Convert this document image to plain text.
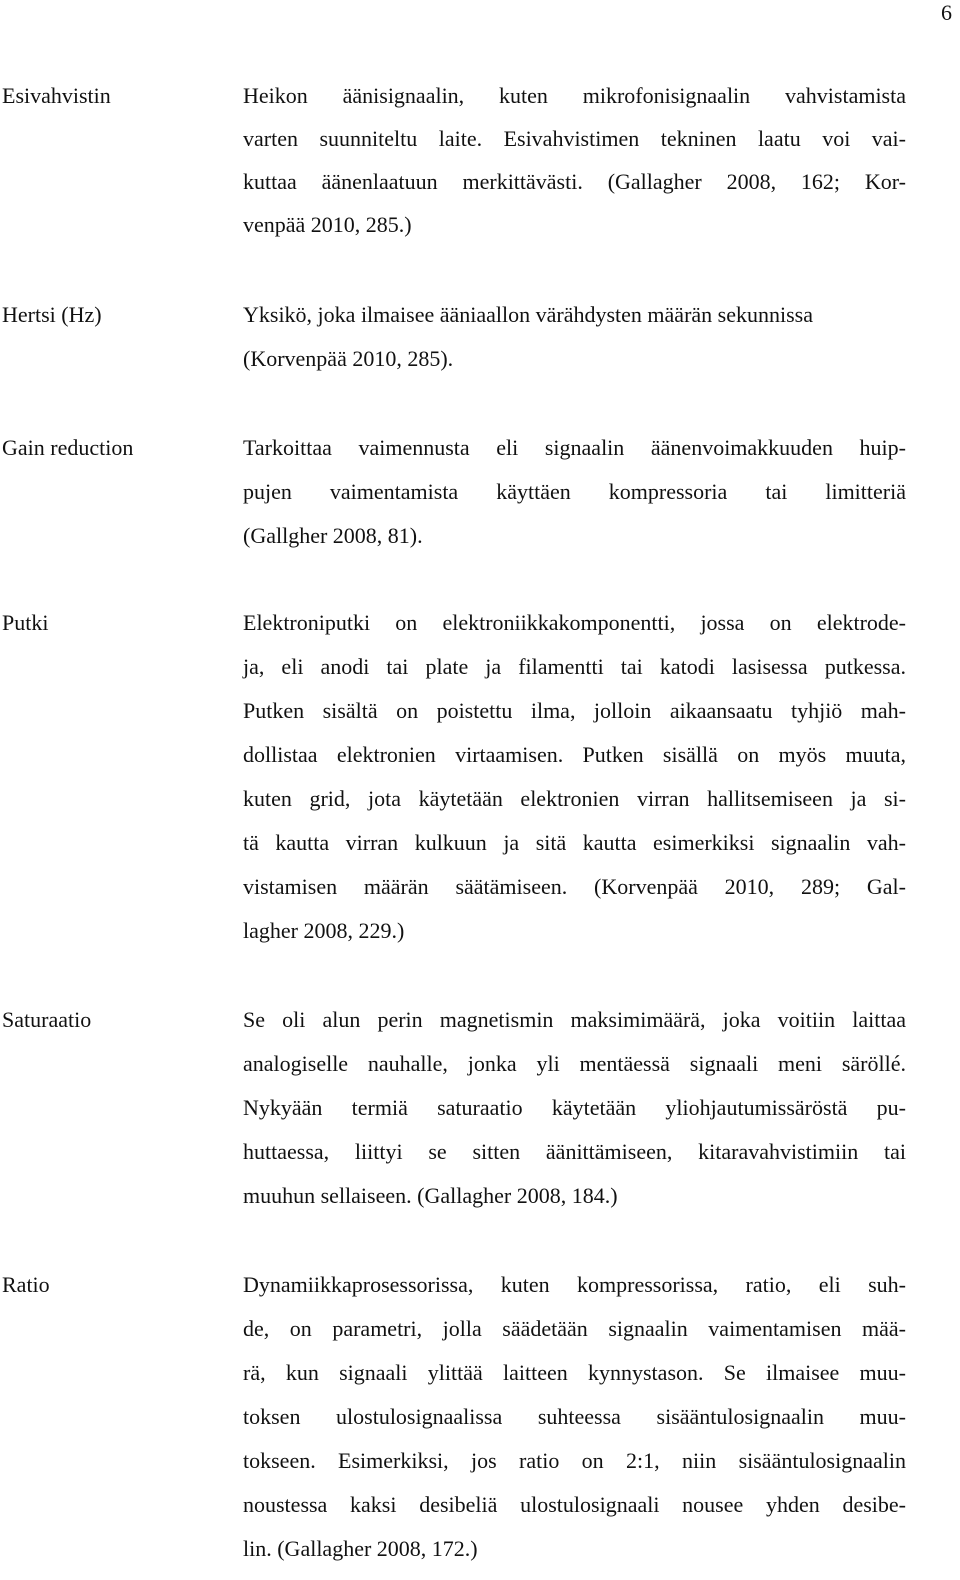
6
Esivahvistin	Heikon äänisignaalin, kuten mikrofonisignaalin vahvistamista
varten suunniteltu laite. Esivahvistimen tekninen laatu voi vai-
kuttaa äänenlaatuun merkittävästi. (Gallagher 2008, 162; Kor-
venpää 2010, 285.)
Hertsi (Hz)	Yksikö, joka ilmaisee ääniaallon värähdysten määrän sekunnissa
(Korvenpää 2010, 285).
Gain reduction	Tarkoittaa vaimennusta eli signaalin äänenvoimakkuuden huip-
pujen vaimentamista käyttäen kompressoria tai limitteriä
(Gallgher 2008, 81).
Putki	Elektroniputki on elektroniikkakomponentti, jossa on elektrode-
ja, eli anodi tai plate ja filamentti tai katodi lasisessa putkessa.
Putken sisältä on poistettu ilma, jolloin aikaansaatu tyhjiö mah-
dollistaa elektronien virtaamisen. Putken sisällä on myös muuta,
kuten grid, jota käytetään elektronien virran hallitsemiseen ja si-
tä kautta virran kulkuun ja sitä kautta esimerkiksi signaalin vah-
vistamisen määrän säätämiseen. (Korvenpää 2010, 289; Gal-
lagher 2008, 229.)
Saturaatio	Se oli alun perin magnetismin maksimimäärä, joka voitiin laittaa
analogiselle nauhalle, jonka yli mentäessä signaali meni säröllé.
Nykyään termiä saturaatio käytetään yliohjautumissäröstä pu-
huttaessa, liittyi se sitten äänittämiseen, kitaravahvistimiin tai
muuhun sellaiseen. (Gallagher 2008, 184.)
Ratio	Dynamiikkaprosessorissa, kuten kompressorissa, ratio, eli suh-
de, on parametri, jolla säädetään signaalin vaimentamisen mää-
rä, kun signaali ylittää laitteen kynnystason. Se ilmaisee muu-
toksen ulostulosignaalissa suhteessa sisääntulosignaalin muu-
tokseen. Esimerkiksi, jos ratio on 2:1, niin sisääntulosignaalin
noustessa kaksi desibeliä ulostulosignaali nousee yhden desibe-
lin. (Gallagher 2008, 172.)
